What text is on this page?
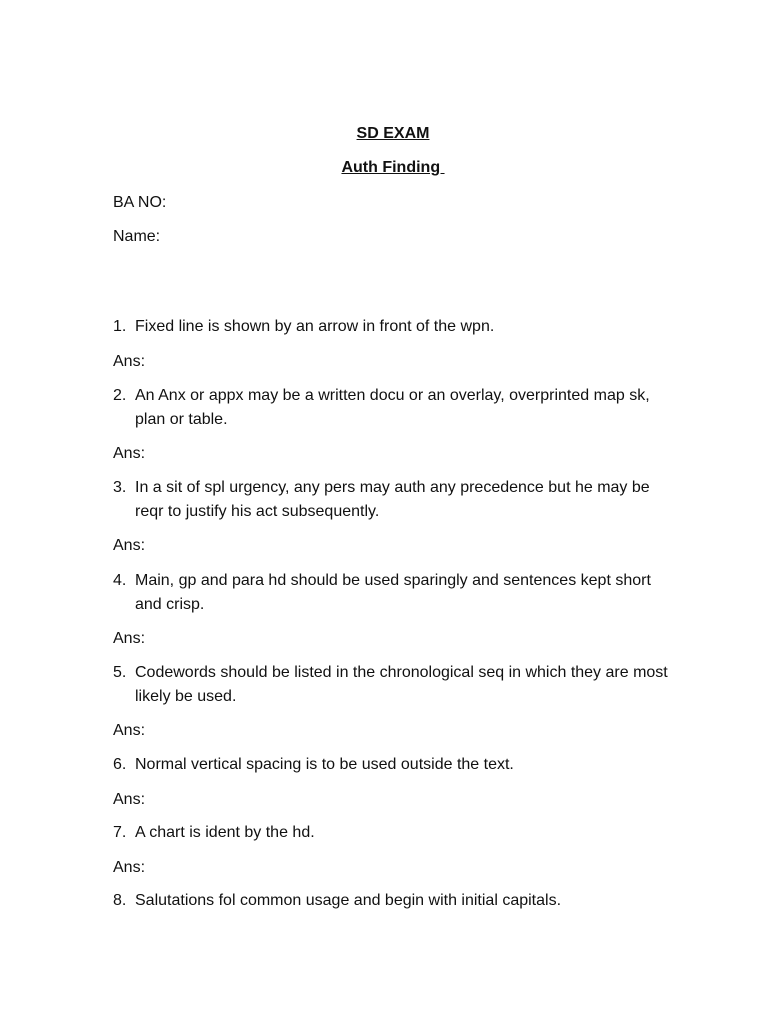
SD EXAM
Auth Finding
BA NO:
Name:
1. Fixed line is shown by an arrow in front of the wpn.
Ans:
2. An Anx or appx may be a written docu or an overlay, overprinted map sk, plan or table.
Ans:
3. In a sit of spl urgency, any pers may auth any precedence but he may be reqr to justify his act subsequently.
Ans:
4. Main, gp and para hd should be used sparingly and sentences kept short and crisp.
Ans:
5. Codewords should be listed in the chronological seq in which they are most likely be used.
Ans:
6. Normal vertical spacing is to be used outside the text.
Ans:
7. A chart is ident by the hd.
Ans:
8. Salutations fol common usage and begin with initial capitals.
